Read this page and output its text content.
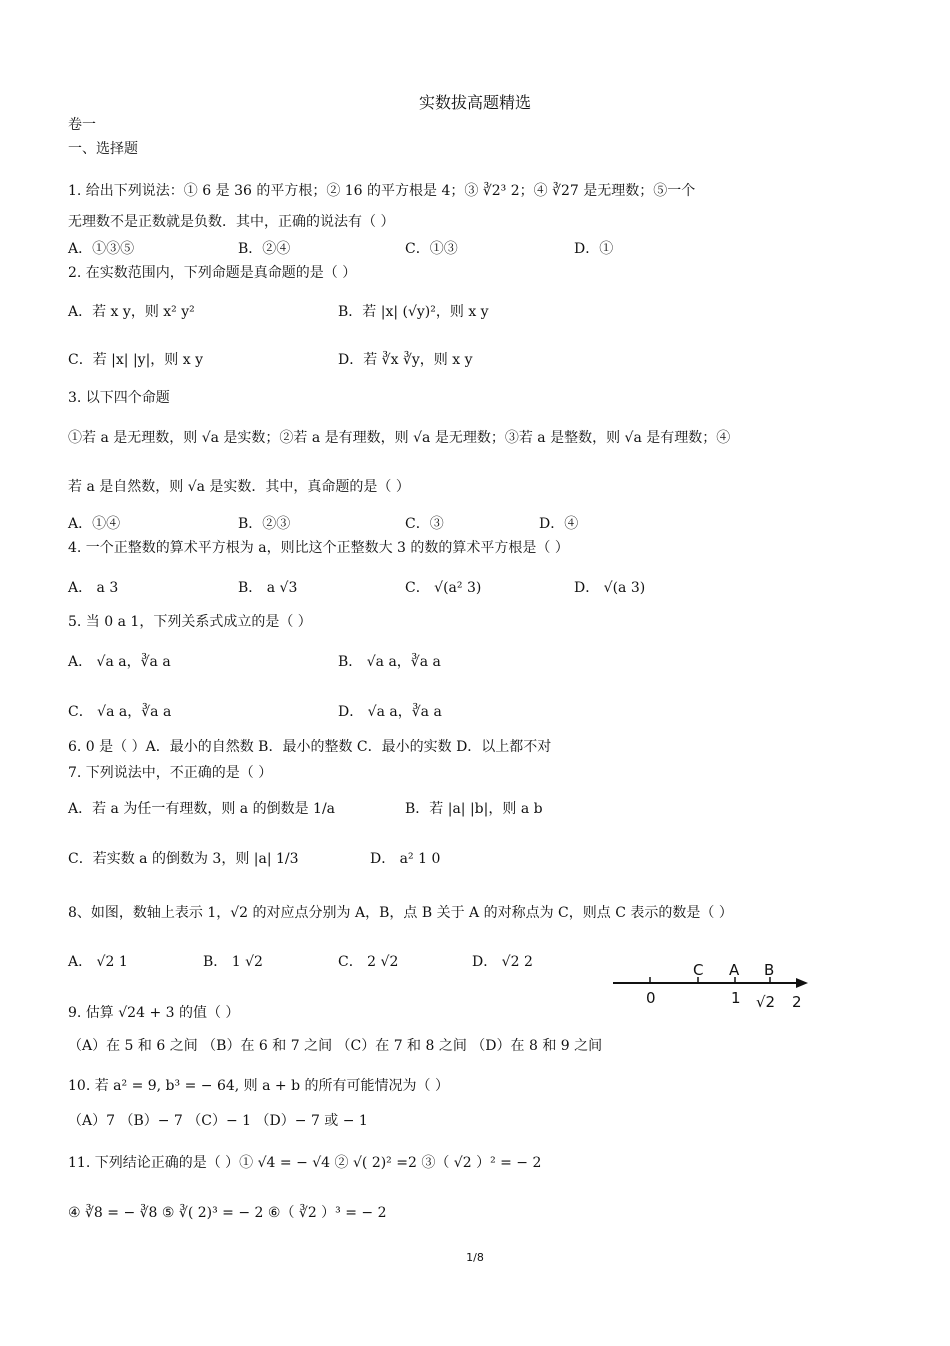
实数拔高题精选
卷一
一、选择题
1. 给出下列说法：① 6 是 36 的平方根；② 16 的平方根是 4；③ ∛2³ 2；④ ∛27 是无理数；⑤一个
无理数不是正数就是负数．其中，正确的说法有（ ）
A．①③⑤	B．②④	C．①③	D．①
2. 在实数范围内，下列命题是真命题的是（ ）
A．若 x y，则 x² y²	B．若 |x| (√y)²，则 x y
C．若 |x| |y|，则 x y	D．若 ∛x ∛y，则 x y
3. 以下四个命题
①若 a 是无理数，则 √a 是实数；②若 a 是有理数，则 √a 是无理数；③若 a 是整数，则 √a 是有理数；④
若 a 是自然数，则 √a 是实数．其中，真命题的是（ ）
A．①④	B．②③	C．③	D．④
4. 一个正整数的算术平方根为 a，则比这个正整数大 3 的数的算术平方根是（ ）
A． a 3	B． a √3	C． √(a² 3)	D． √(a 3)
5. 当 0 a 1，下列关系式成立的是（ ）
A． √a a，∛a a	B． √a a，∛a a
C． √a a，∛a a	D． √a a，∛a a
6. 0 是（ ）A．最小的自然数 B．最小的整数 C．最小的实数 D．以上都不对
7. 下列说法中，不正确的是（ ）
A．若 a 为任一有理数，则 a 的倒数是 1/a	B．若 |a| |b|，则 a b
C．若实数 a 的倒数为 3，则 |a| 1/3	D． a² 1 0
8、如图，数轴上表示 1，√2 的对应点分别为 A，B，点 B 关于 A 的对称点为 C，则点 C 表示的数是（ ）
A． √2 1	B． 1 √2	C． 2 √2	D． √2 2	C A B
0	1 √2 2
9. 估算 √24 + 3 的值（ ）
（A）在 5 和 6 之间 （B）在 6 和 7 之间 （C）在 7 和 8 之间 （D）在 8 和 9 之间
10. 若 a² = 9, b³ = − 64, 则 a + b 的所有可能情况为（ ）
（A）7 （B）− 7 （C）− 1 （D）− 7 或 − 1
11. 下列结论正确的是（ ）① √4 = − √4 ② √( 2)² =2 ③（ √2 ）² = − 2
④ ∛8 = − ∛8 ⑤ ∛( 2)³ = − 2 ⑥（ ∛2 ）³ = − 2
1/8
